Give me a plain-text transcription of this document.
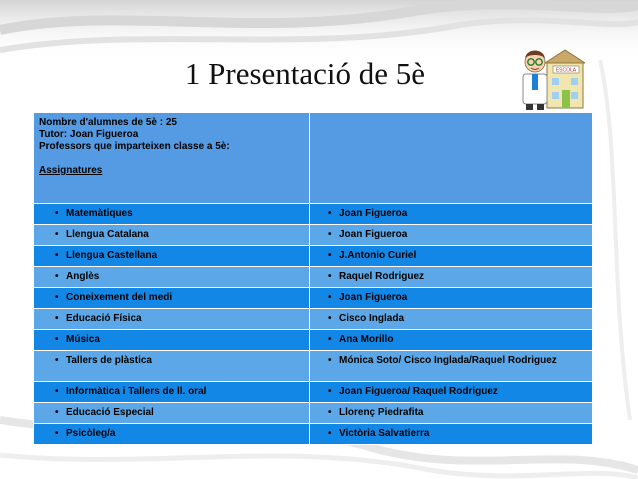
1 Presentació de 5è	ESCOLA
Nombre d'alumnes de 5è : 25
Tutor: Joan Figueroa
Professors que imparteixen classe a 5è:
Assignatures	

• Matemàtiques	• Joan Figueroa

• Llengua Catalana	• Joan Figueroa

• Llengua Castellana	• J.Antonio Curiel

• Anglès	• Raquel Rodriguez

• Coneixement del medi	• Joan Figueroa

• Educació Física	• Cisco Inglada

• Música	• Ana Morillo

• Tallers de plàstica	• Mónica Soto/ Cisco Inglada/Raquel Rodriguez

• Informàtica i Tallers de ll. oral	• Joan Figueroa/ Raquel Rodriguez

• Educació Especial	• Llorenç Piedrafita

• Psicòleg/a	• Victòria Salvatierra
